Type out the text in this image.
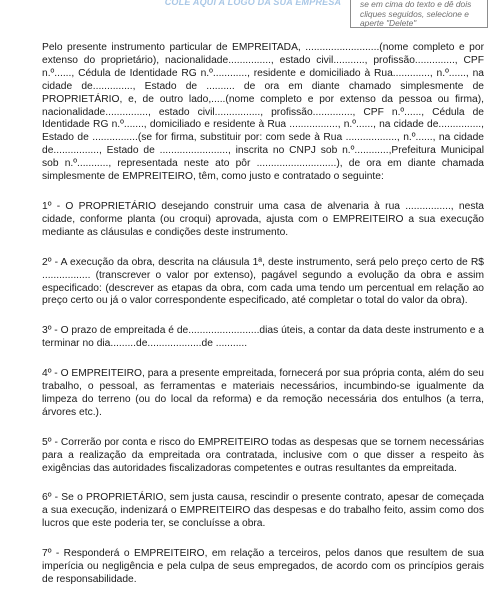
COLE AQUI A LOGO DA SUA EMPRESA	se em cima do texto e dê dois cliques seguidos, selecione e aperte "Delete"

Pelo presente instrumento particular de EMPREITADA, ..........................(nome completo e por extenso do proprietário), nacionalidade..............., estado civil..........., profissão.............., CPF n.º......, Cédula de Identidade RG n.º............, residente e domiciliado à Rua............., n.º......, na cidade de.............., Estado de .......... de ora em diante chamado simplesmente de PROPRIETÁRIO, e, de outro lado,.....(nome completo e por extenso da pessoa ou firma), nacionalidade..............., estado civil................, profissão.............., CPF n.º......, Cédula de Identidade RG n.º......., domiciliado e residente à Rua ................., n.º......, na cidade de..............., Estado de ................(se for firma, substituir por: com sede à Rua .................., n.º......, na cidade de................, Estado de ........................, inscrita no CNPJ sob n.º............,Prefeitura Municipal sob n.º..........., representada neste ato pôr ............................), de ora em diante chamada simplesmente de EMPREITEIRO, têm, como justo e contratado o seguinte:

1º - O PROPRIETÁRIO desejando construir uma casa de alvenaria à rua ................, nesta cidade, conforme planta (ou croqui) aprovada, ajusta com o EMPREITEIRO a sua execução mediante as cláusulas e condições deste instrumento.

2º - A execução da obra, descrita na cláusula 1ª, deste instrumento, será pelo preço certo de R$ ................. (transcrever o valor por extenso), pagável segundo a evolução da obra e assim especificado: (descrever as etapas da obra, com cada uma tendo um percentual em relação ao preço certo ou já o valor correspondente especificado, até completar o total do valor da obra).

3º - O prazo de empreitada é de.........................dias úteis, a contar da data deste instrumento e a terminar no dia.........de...................de ...........

4º - O EMPREITEIRO, para a presente empreitada, fornecerá por sua própria conta, além do seu trabalho, o pessoal, as ferramentas e materiais necessários, incumbindo-se igualmente da limpeza do terreno (ou do local da reforma) e da remoção necessária dos entulhos (a terra, árvores etc.).

5º - Correrão por conta e risco do EMPREITEIRO todas as despesas que se tornem necessárias para a realização da empreitada ora contratada, inclusive com o que disser a respeito às exigências das autoridades fiscalizadoras competentes e outras resultantes da empreitada.

6º - Se o PROPRIETÁRIO, sem justa causa, rescindir o presente contrato, apesar de começada a sua execução, indenizará o EMPREITEIRO das despesas e do trabalho feito, assim como dos lucros que este poderia ter, se concluísse a obra.

7º - Responderá o EMPREITEIRO, em relação a terceiros, pelos danos que resultem de sua imperícia ou negligência e pela culpa de seus empregados, de acordo com os princípios gerais de responsabilidade.
